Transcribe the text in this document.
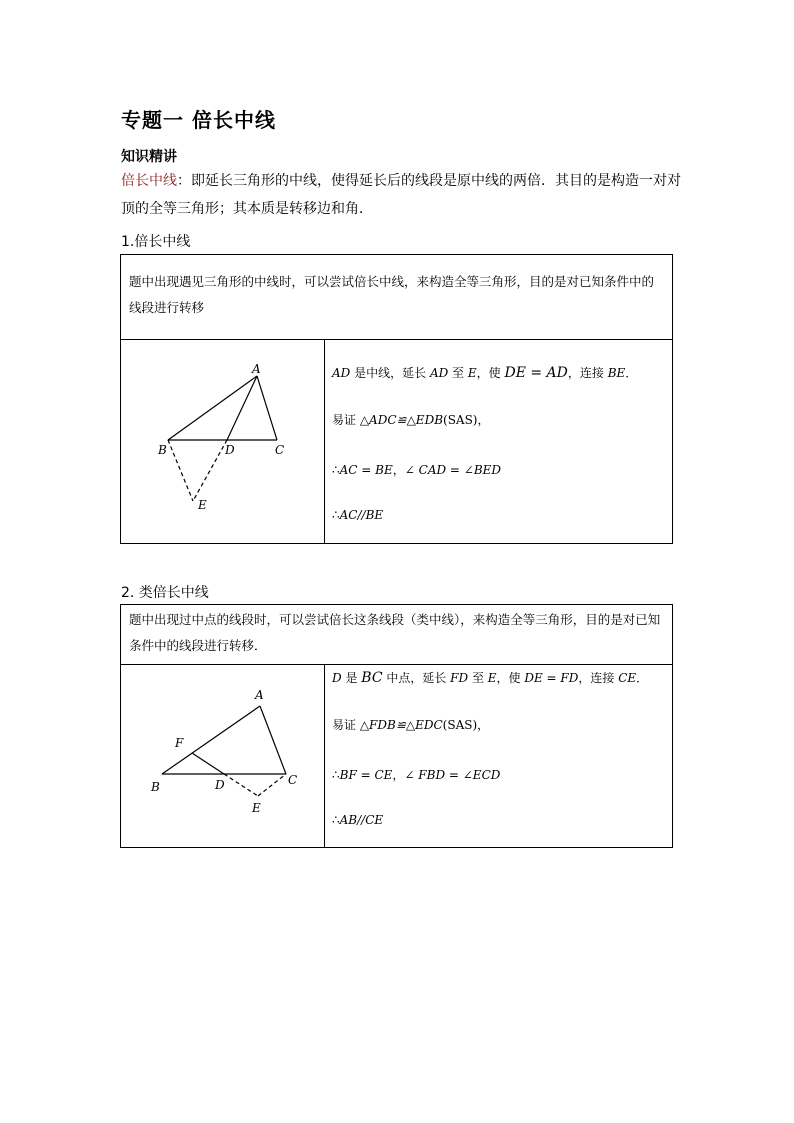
专题一 倍长中线
知识精讲
倍长中线：即延长三角形的中线，使得延长后的线段是原中线的两倍．其目的是构造一对对顶的全等三角形；其本质是转移边和角．
1.倍长中线
题中出现遇见三角形的中线时，可以尝试倍长中线，来构造全等三角形，目的是对已知条件中的线段进行转移

A
B	C
D
E

AD 是中线，延长 AD 至 E，使 DE = AD，连接 BE．
易证 △ADC≌△EDB(SAS)，
∴AC = BE，∠ CAD = ∠BED
∴AC//BE
2. 类倍长中线
题中出现过中点的线段时，可以尝试倍长这条线段（类中线），来构造全等三角形，目的是对已知条件中的线段进行转移．

A
F
B	D	C
E

D 是 BC 中点，延长 FD 至 E，使 DE = FD，连接 CE．
易证 △FDB≌△EDC(SAS)，
∴BF = CE，∠ FBD = ∠ECD
∴AB//CE
